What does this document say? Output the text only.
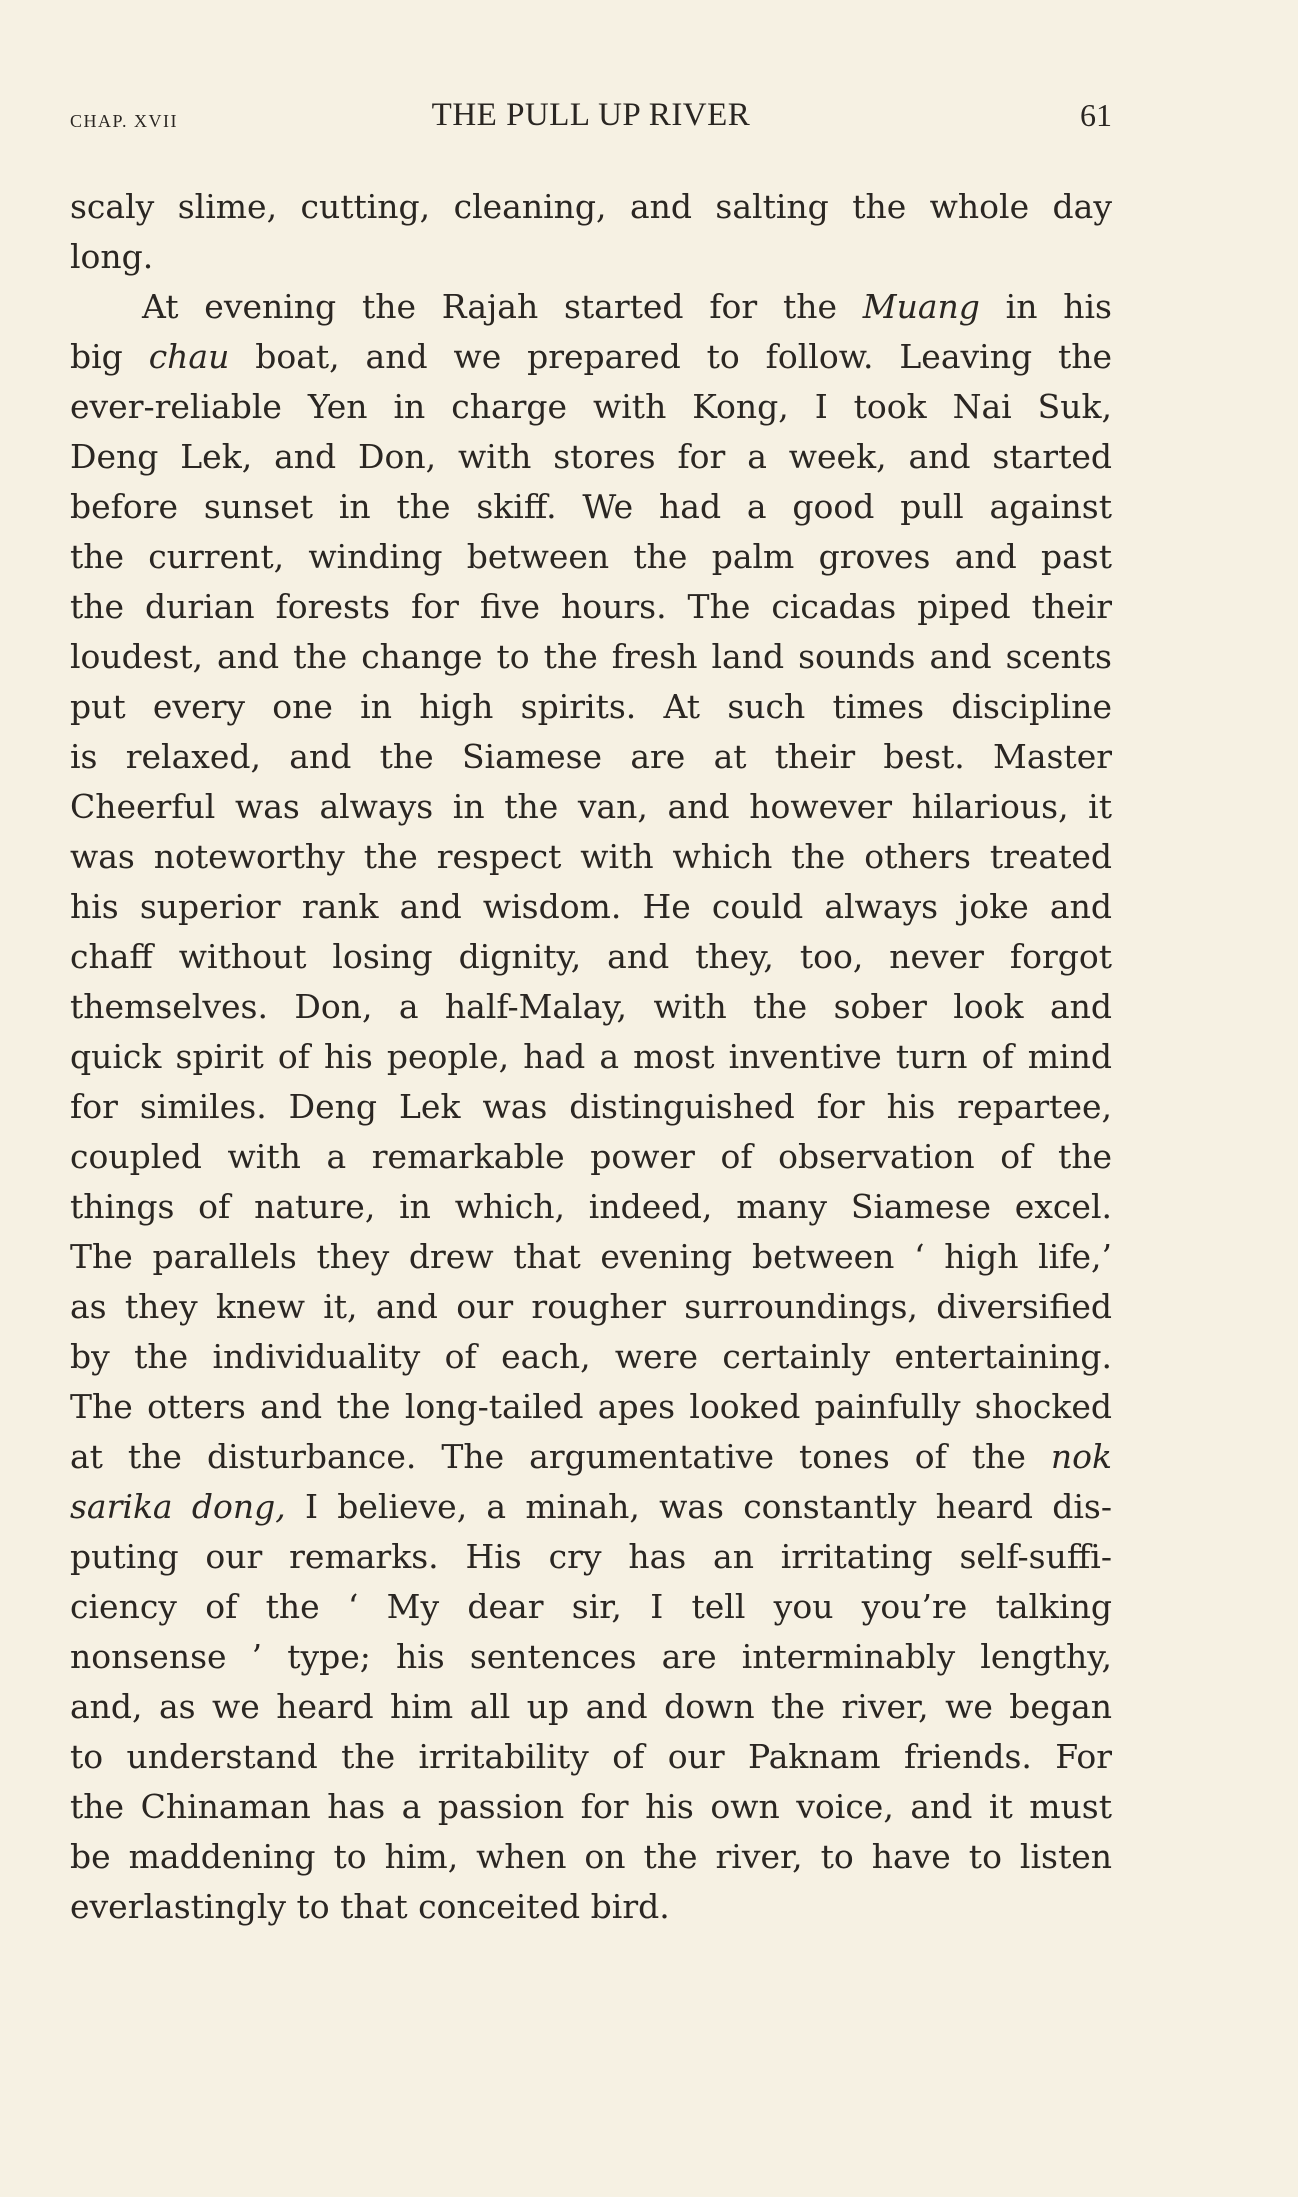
CHAP. XVII	THE PULL UP RIVER	61
scaly slime, cutting, cleaning, and salting the whole day
long.
At evening the Rajah started for the Muang in his
big chau boat, and we prepared to follow. Leaving the
ever-reliable Yen in charge with Kong, I took Nai Suk,
Deng Lek, and Don, with stores for a week, and started
before sunset in the skiff. We had a good pull against
the current, winding between the palm groves and past
the durian forests for five hours. The cicadas piped their
loudest, and the change to the fresh land sounds and scents
put every one in high spirits. At such times discipline
is relaxed, and the Siamese are at their best. Master
Cheerful was always in the van, and however hilarious, it
was noteworthy the respect with which the others treated
his superior rank and wisdom. He could always joke and
chaff without losing dignity, and they, too, never forgot
themselves. Don, a half-Malay, with the sober look and
quick spirit of his people, had a most inventive turn of mind
for similes. Deng Lek was distinguished for his repartee,
coupled with a remarkable power of observation of the
things of nature, in which, indeed, many Siamese excel.
The parallels they drew that evening between ‘ high life,’
as they knew it, and our rougher surroundings, diversified
by the individuality of each, were certainly entertaining.
The otters and the long-tailed apes looked painfully shocked
at the disturbance. The argumentative tones of the nok
sarika dong, I believe, a minah, was constantly heard dis-
puting our remarks. His cry has an irritating self-suffi-
ciency of the ‘ My dear sir, I tell you you’re talking
nonsense ’ type; his sentences are interminably lengthy,
and, as we heard him all up and down the river, we began
to understand the irritability of our Paknam friends. For
the Chinaman has a passion for his own voice, and it must
be maddening to him, when on the river, to have to listen
everlastingly to that conceited bird.
